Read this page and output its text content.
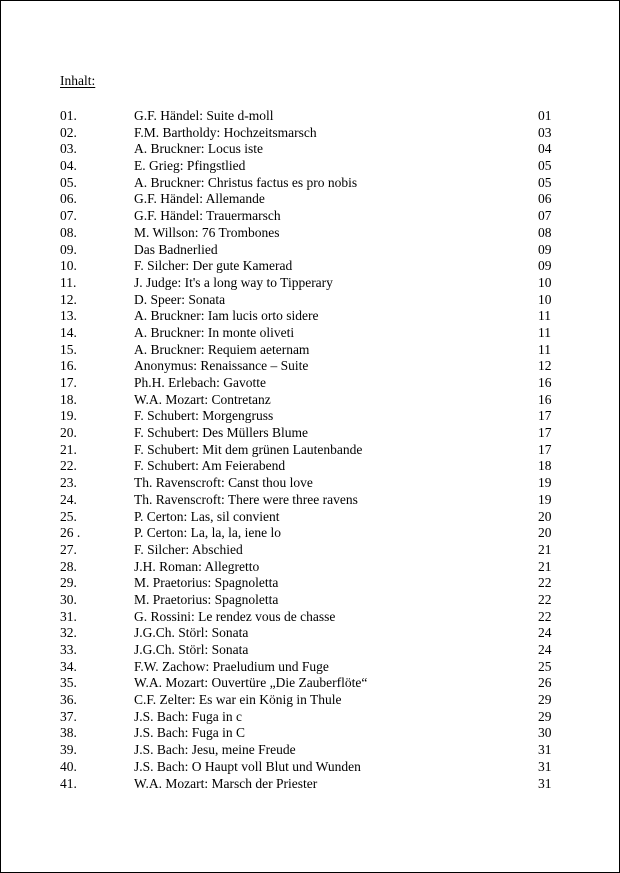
Inhalt:
01.	G.F. Händel: Suite d-moll	01
02.	F.M. Bartholdy: Hochzeitsmarsch	03
03.	A. Bruckner: Locus iste	04
04.	E. Grieg: Pfingstlied	05
05.	A. Bruckner: Christus factus es pro nobis	05
06.	G.F. Händel: Allemande	06
07.	G.F. Händel: Trauermarsch	07
08.	M. Willson: 76 Trombones	08
09.	Das Badnerlied	09
10.	F. Silcher: Der gute Kamerad	09
11.	J. Judge: It's a long way to Tipperary	10
12.	D. Speer: Sonata	10
13.	A. Bruckner: Iam lucis orto sidere	11
14.	A. Bruckner: In monte oliveti	11
15.	A. Bruckner: Requiem aeternam	11
16.	Anonymus: Renaissance – Suite	12
17.	Ph.H. Erlebach: Gavotte	16
18.	W.A. Mozart: Contretanz	16
19.	F. Schubert: Morgengruss	17
20.	F. Schubert: Des Müllers Blume	17
21.	F. Schubert: Mit dem grünen Lautenbande	17
22.	F. Schubert: Am Feierabend	18
23.	Th. Ravenscroft: Canst thou love	19
24.	Th. Ravenscroft: There were three ravens	19
25.	P. Certon: Las, sil convient	20
26 .	P. Certon: La, la, la, iene lo	20
27.	F. Silcher: Abschied	21
28.	J.H. Roman: Allegretto	21
29.	M. Praetorius: Spagnoletta	22
30.	M. Praetorius: Spagnoletta	22
31.	G. Rossini: Le rendez vous de chasse	22
32.	J.G.Ch. Störl: Sonata	24
33.	J.G.Ch. Störl: Sonata	24
34.	F.W. Zachow: Praeludium und Fuge	25
35.	W.A. Mozart: Ouvertüre „Die Zauberflöte“	26
36.	C.F. Zelter: Es war ein König in Thule	29
37.	J.S. Bach: Fuga in c	29
38.	J.S. Bach: Fuga in C	30
39.	J.S. Bach: Jesu, meine Freude	31
40.	J.S. Bach: O Haupt voll Blut und Wunden	31
41.	W.A. Mozart: Marsch der Priester	31
